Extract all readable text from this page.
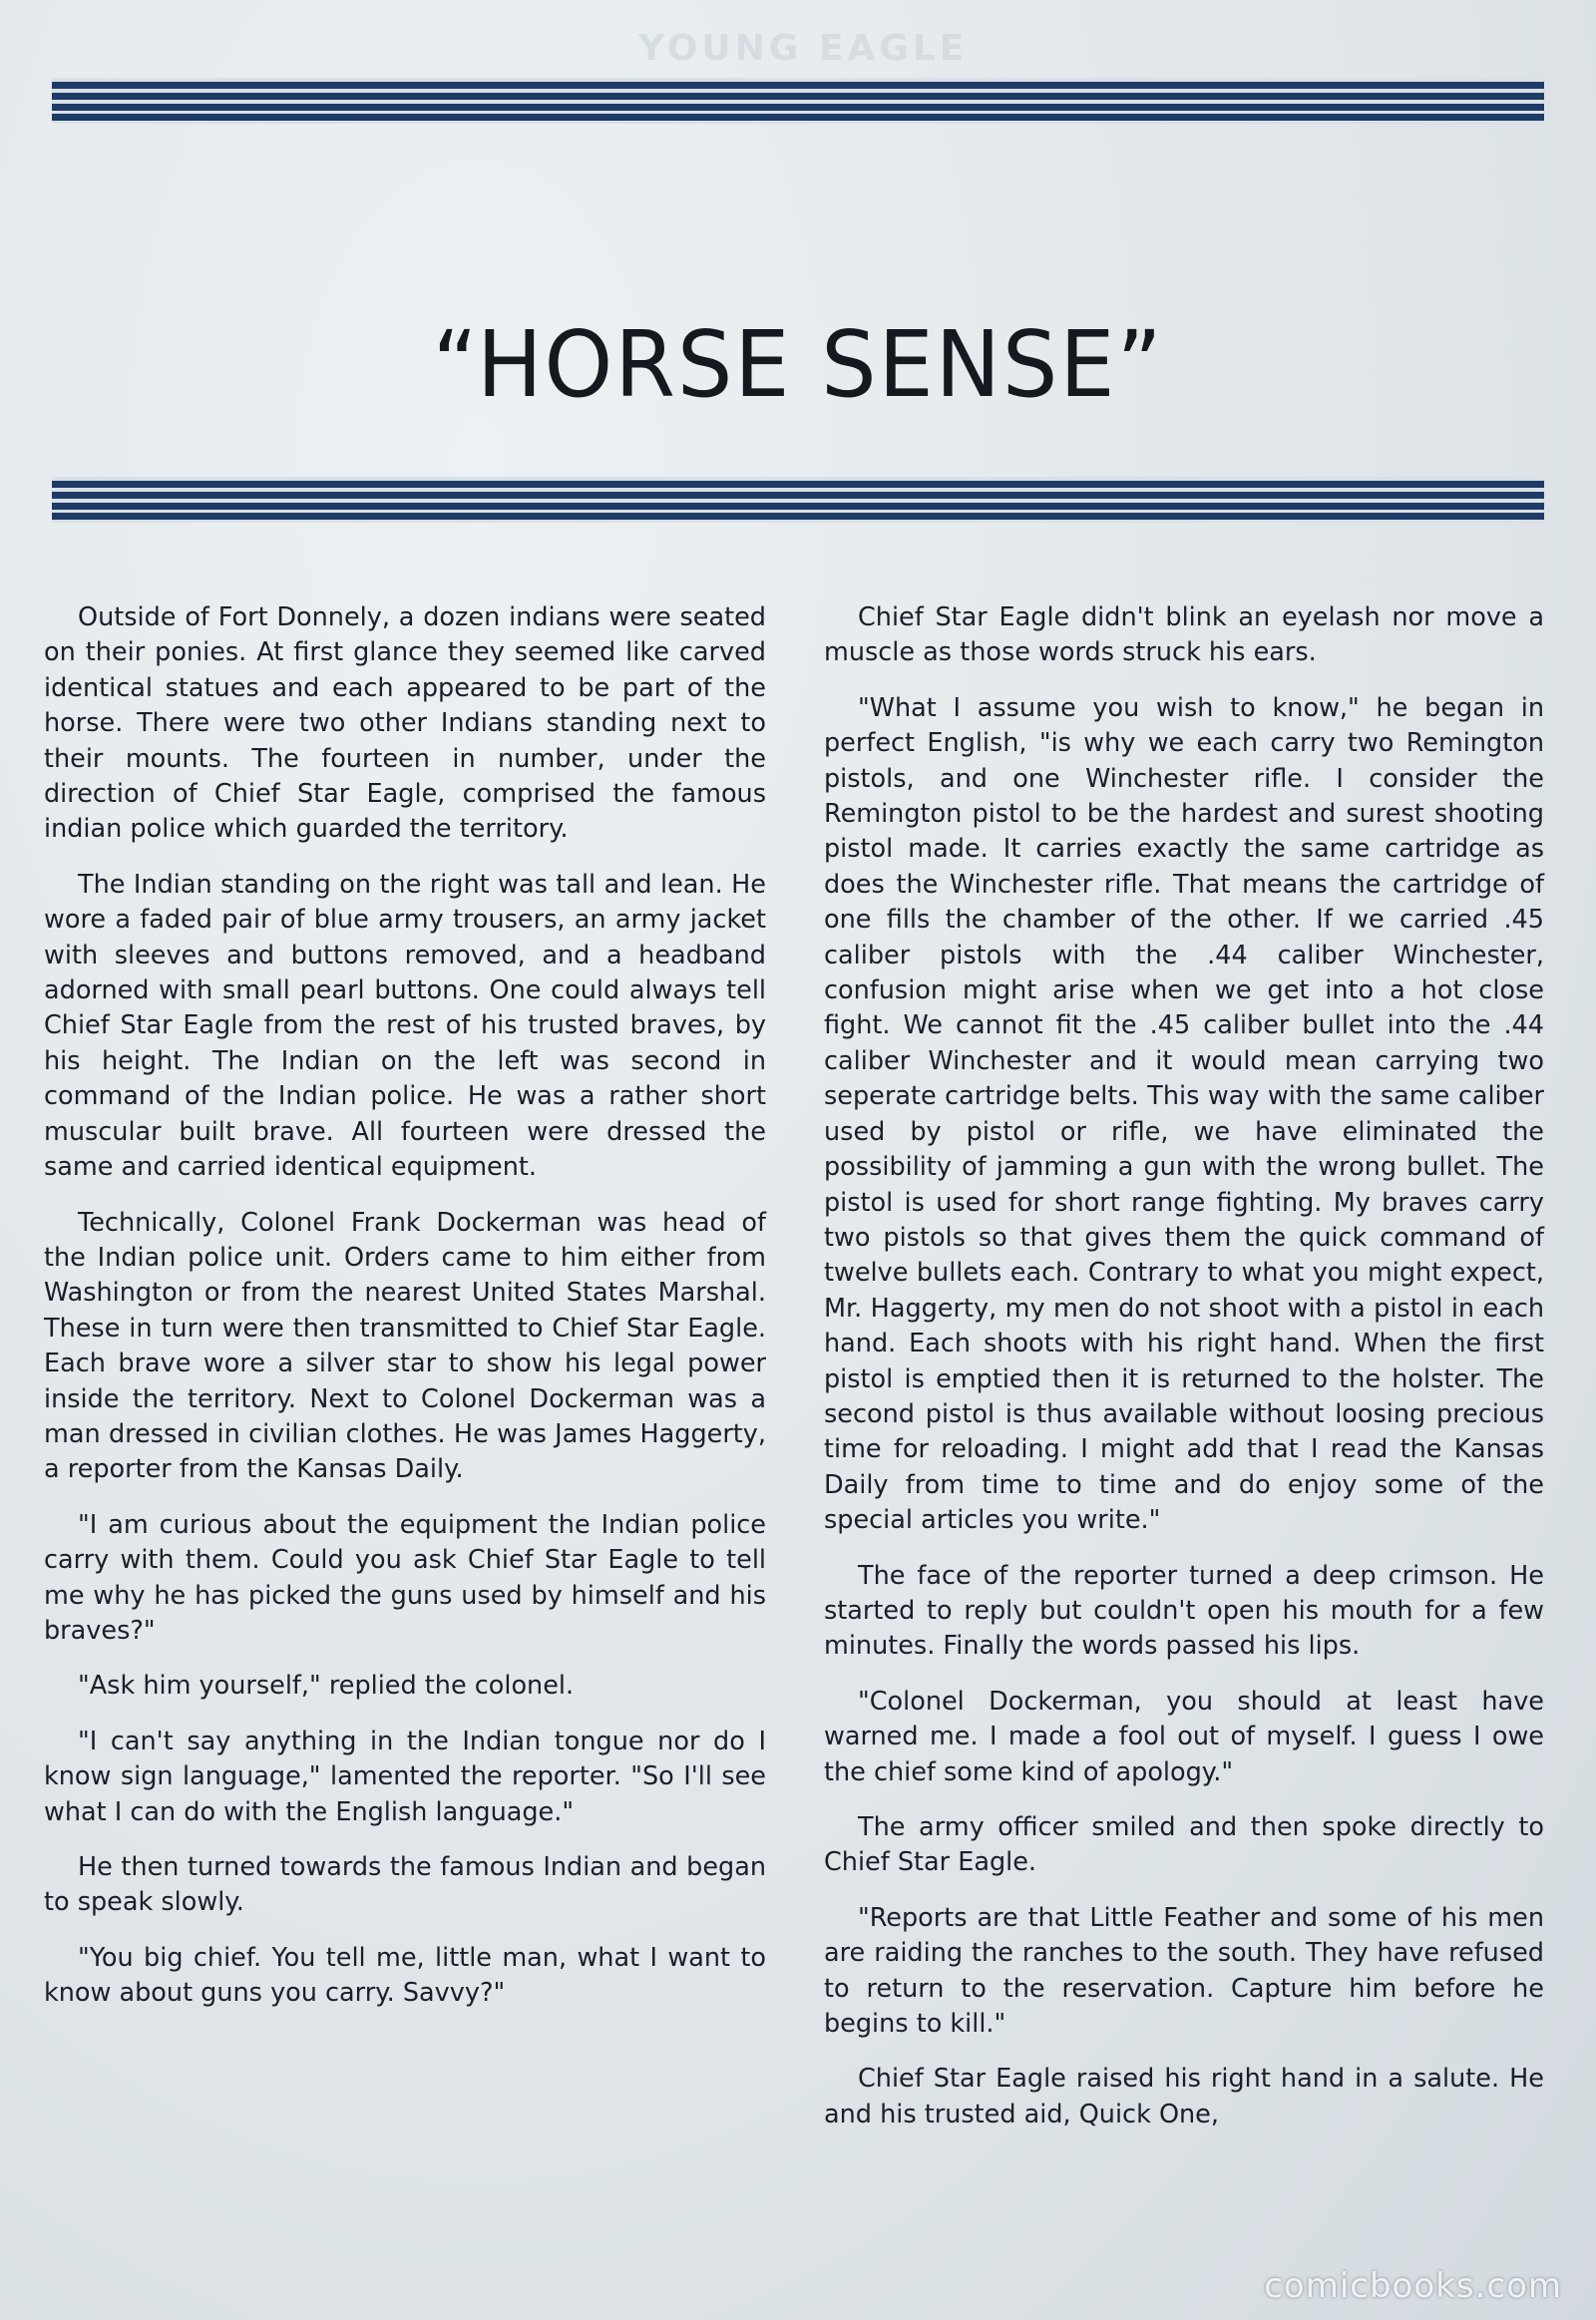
YOUNG EAGLE
“HORSE SENSE”

Outside of Fort Donnely, a dozen indians were seated on their ponies. At first glance they seemed like carved identical statues and each appeared to be part of the horse. There were two other Indians standing next to their mounts. The fourteen in number, under the direction of Chief Star Eagle, comprised the famous indian police which guarded the territory.

The Indian standing on the right was tall and lean. He wore a faded pair of blue army trousers, an army jacket with sleeves and buttons removed, and a headband adorned with small pearl buttons. One could always tell Chief Star Eagle from the rest of his trusted braves, by his height. The Indian on the left was second in command of the Indian police. He was a rather short muscular built brave. All fourteen were dressed the same and carried identical equipment.

Technically, Colonel Frank Dockerman was head of the Indian police unit. Orders came to him either from Washington or from the nearest United States Marshal. These in turn were then transmitted to Chief Star Eagle. Each brave wore a silver star to show his legal power inside the territory. Next to Colonel Dockerman was a man dressed in civilian clothes. He was James Haggerty, a reporter from the Kansas Daily.

"I am curious about the equipment the Indian police carry with them. Could you ask Chief Star Eagle to tell me why he has picked the guns used by himself and his braves?"

"Ask him yourself," replied the colonel.

"I can't say anything in the Indian tongue nor do I know sign language," lamented the reporter. "So I'll see what I can do with the English language."

He then turned towards the famous Indian and began to speak slowly.

"You big chief. You tell me, little man, what I want to know about guns you carry. Savvy?"

Chief Star Eagle didn't blink an eyelash nor move a muscle as those words struck his ears.

"What I assume you wish to know," he began in perfect English, "is why we each carry two Remington pistols, and one Winchester rifle. I consider the Remington pistol to be the hardest and surest shooting pistol made. It carries exactly the same cartridge as does the Winchester rifle. That means the cartridge of one fills the chamber of the other. If we carried .45 caliber pistols with the .44 caliber Winchester, confusion might arise when we get into a hot close fight. We cannot fit the .45 caliber bullet into the .44 caliber Winchester and it would mean carrying two seperate cartridge belts. This way with the same caliber used by pistol or rifle, we have eliminated the possibility of jamming a gun with the wrong bullet. The pistol is used for short range fighting. My braves carry two pistols so that gives them the quick command of twelve bullets each. Contrary to what you might expect, Mr. Haggerty, my men do not shoot with a pistol in each hand. Each shoots with his right hand. When the first pistol is emptied then it is returned to the holster. The second pistol is thus available without loosing precious time for reloading. I might add that I read the Kansas Daily from time to time and do enjoy some of the special articles you write."

The face of the reporter turned a deep crimson. He started to reply but couldn't open his mouth for a few minutes. Finally the words passed his lips.

"Colonel Dockerman, you should at least have warned me. I made a fool out of myself. I guess I owe the chief some kind of apology."

The army officer smiled and then spoke directly to Chief Star Eagle.

"Reports are that Little Feather and some of his men are raiding the ranches to the south. They have refused to return to the reservation. Capture him before he begins to kill."

Chief Star Eagle raised his right hand in a salute. He and his trusted aid, Quick One,

comicbooks.com
